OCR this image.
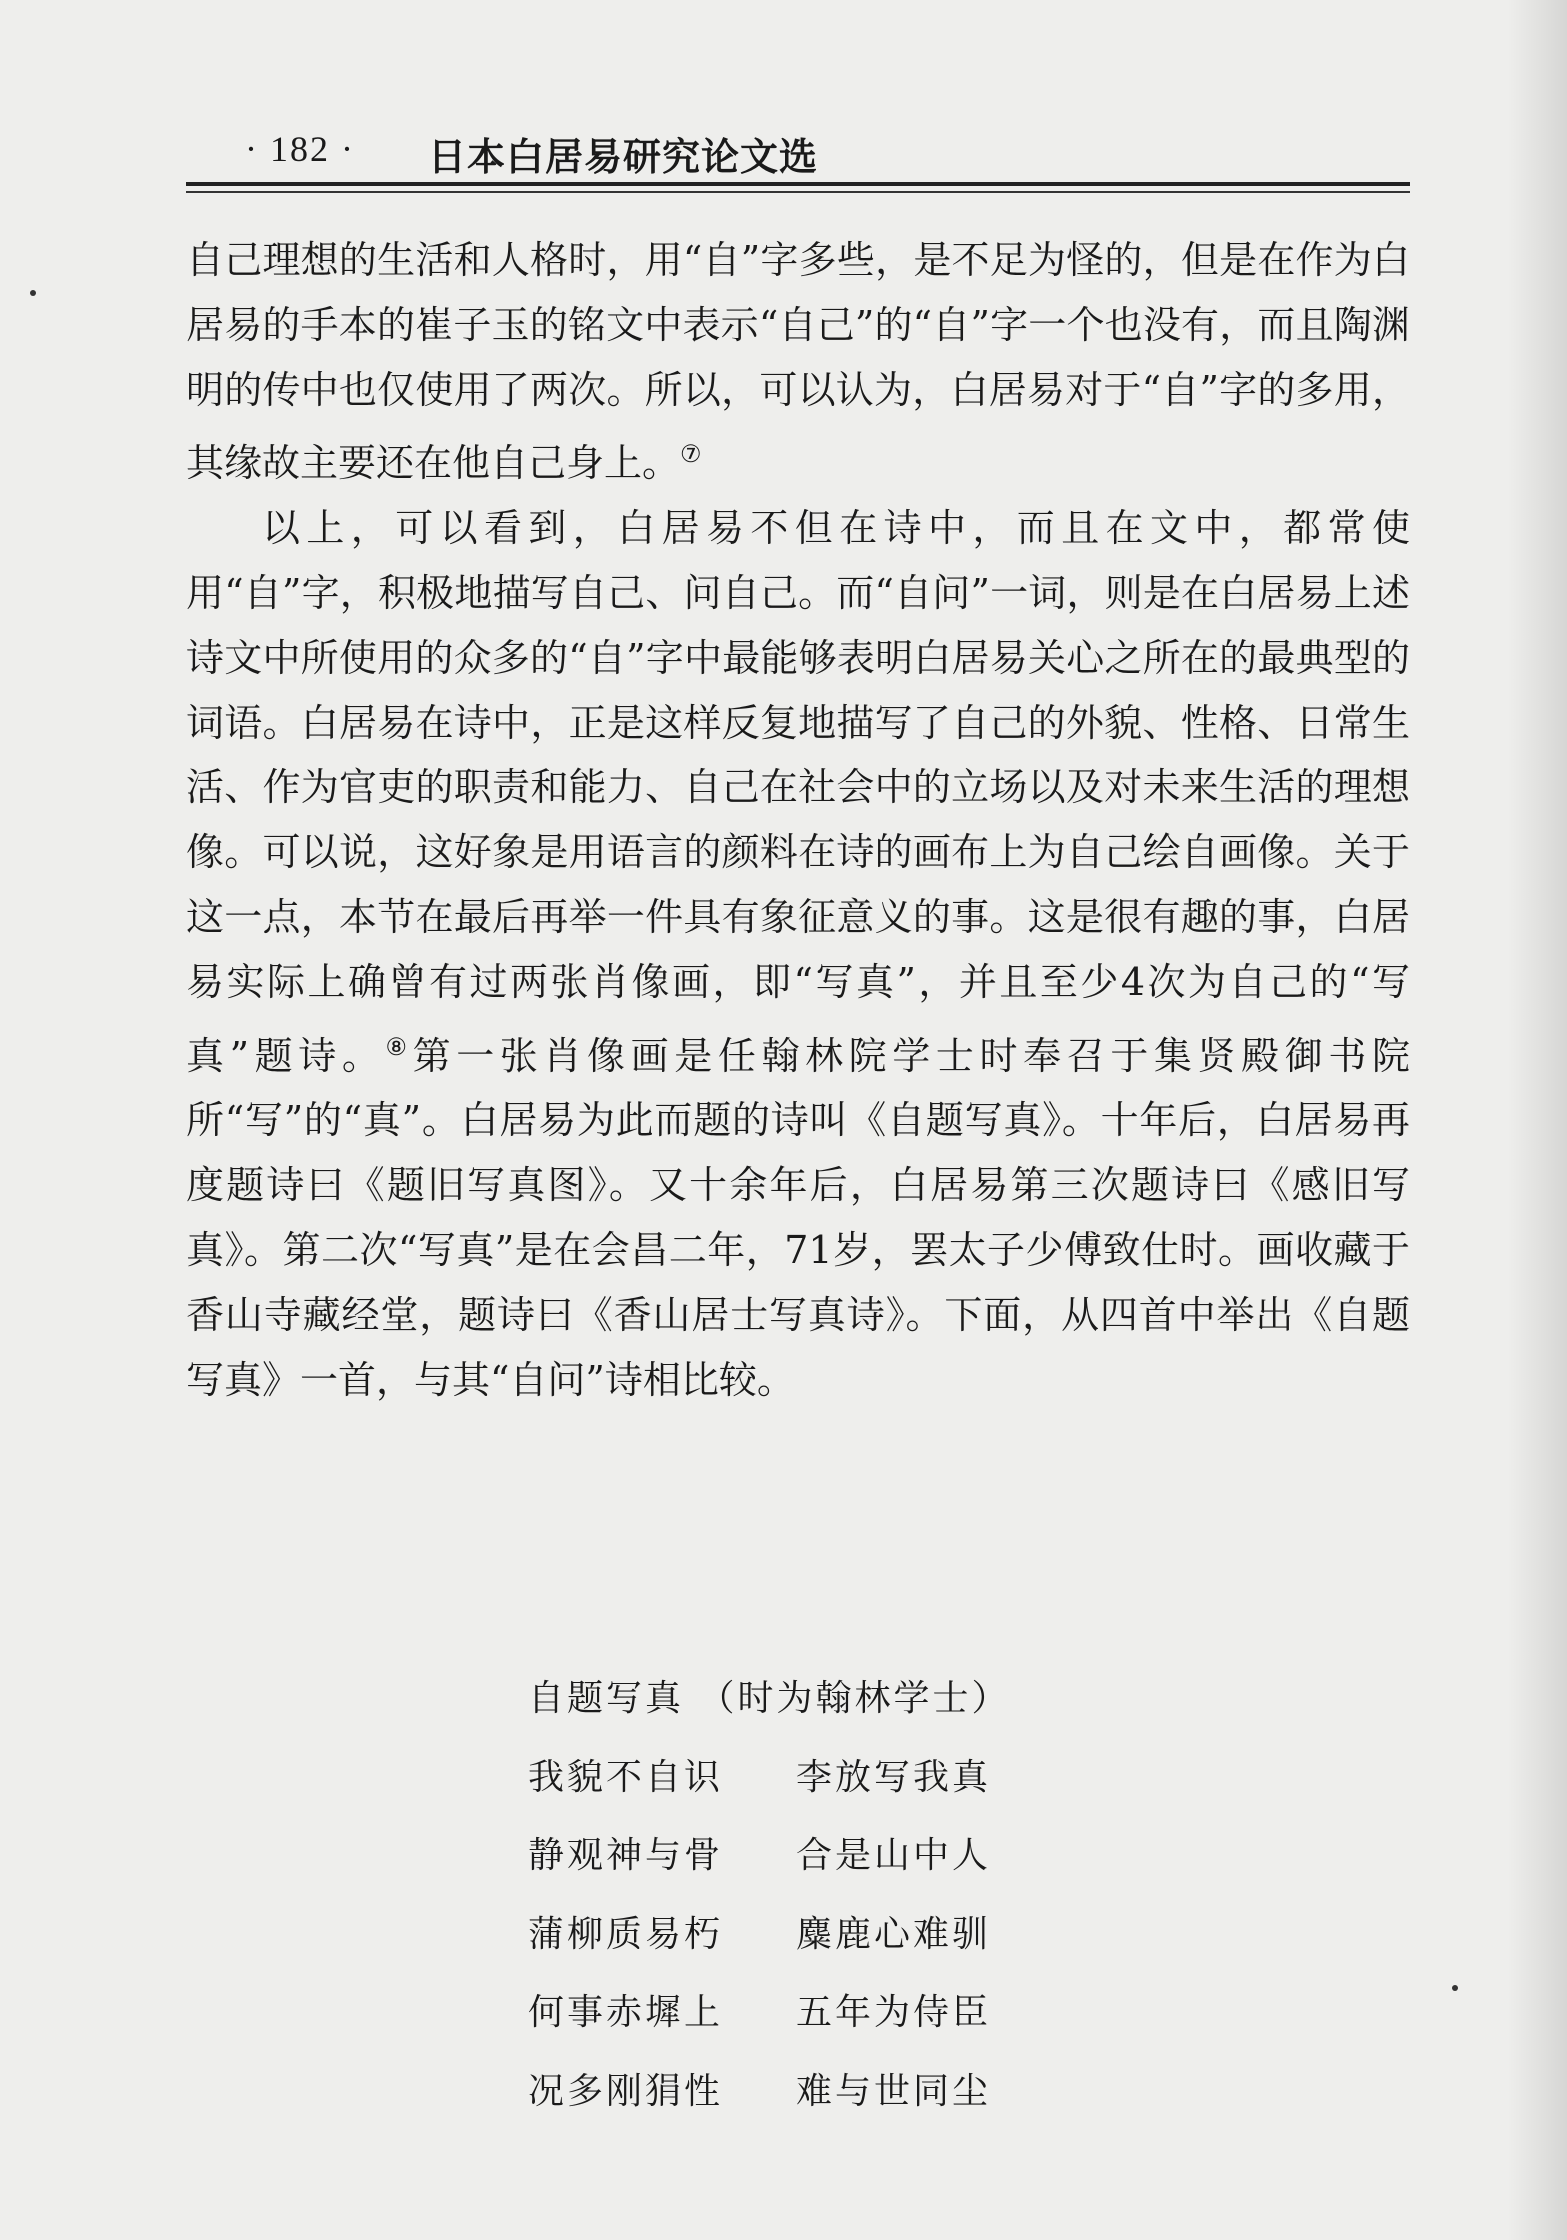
· 182 · 日本白居易研究论文选

自己理想的生活和人格时，用“自”字多些，是不足为怪的，但是在作为白居易的手本的崔子玉的铭文中表示“自己”的“自”字一个也没有，而且陶渊明的传中也仅使用了两次。所以，可以认为，白居易对于“自”字的多用，其缘故主要还在他自己身上。⑦

以上，可以看到，白居易不但在诗中，而且在文中，都常使用“自”字，积极地描写自己、问自己。而“自问”一词，则是在白居易上述诗文中所使用的众多的“自”字中最能够表明白居易关心之所在的最典型的词语。白居易在诗中，正是这样反复地描写了自己的外貌、性格、日常生活、作为官吏的职责和能力、自己在社会中的立场以及对未来生活的理想像。可以说，这好象是用语言的颜料在诗的画布上为自己绘自画像。关于这一点，本节在最后再举一件具有象征意义的事。这是很有趣的事，白居易实际上确曾有过两张肖像画，即“写真”，并且至少4次为自己的“写真”题诗。⑧第一张肖像画是任翰林院学士时奉召于集贤殿御书院所“写”的“真”。白居易为此而题的诗叫《自题写真》。十年后，白居易再度题诗曰《题旧写真图》。又十余年后，白居易第三次题诗曰《感旧写真》。第二次“写真”是在会昌二年，71岁，罢太子少傅致仕时。画收藏于香山寺藏经堂，题诗曰《香山居士写真诗》。下面，从四首中举出《自题写真》一首，与其“自问”诗相比较。

自题写真 （时为翰林学士）
我貌不自识 李放写我真
静观神与骨 合是山中人
蒲柳质易朽 麋鹿心难驯
何事赤墀上 五年为侍臣
况多刚狷性 难与世同尘
